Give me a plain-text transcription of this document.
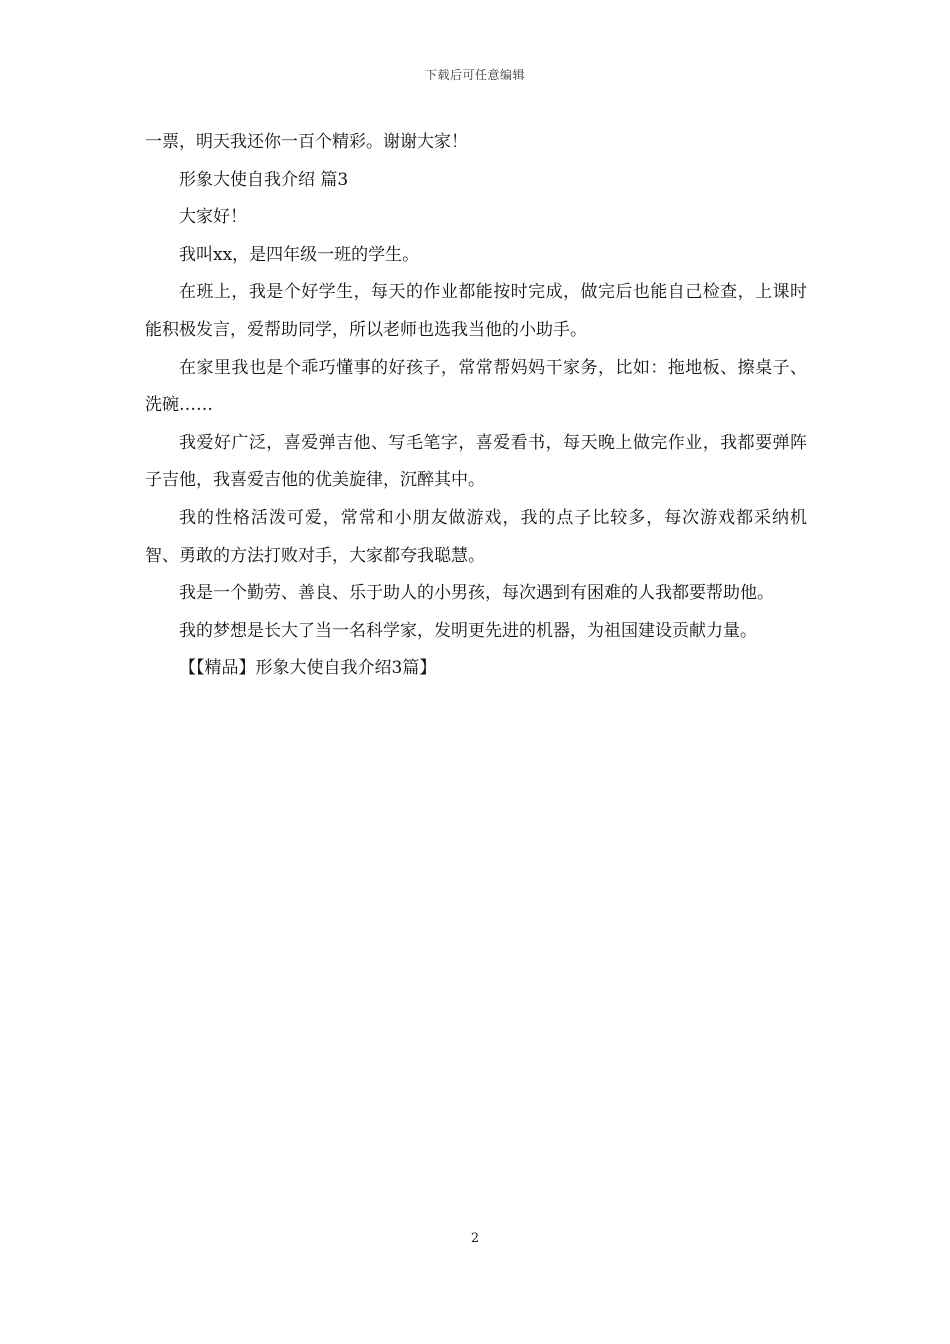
下载后可任意编辑

一票，明天我还你一百个精彩。谢谢大家！

形象大使自我介绍 篇3

大家好！

我叫xx，是四年级一班的学生。

在班上，我是个好学生，每天的作业都能按时完成，做完后也能自己检查，上课时能积极发言，爱帮助同学，所以老师也选我当他的小助手。

在家里我也是个乖巧懂事的好孩子，常常帮妈妈干家务，比如：拖地板、擦桌子、洗碗……

我爱好广泛，喜爱弹吉他、写毛笔字，喜爱看书，每天晚上做完作业，我都要弹阵子吉他，我喜爱吉他的优美旋律，沉醉其中。

我的性格活泼可爱，常常和小朋友做游戏，我的点子比较多，每次游戏都采纳机智、勇敢的方法打败对手，大家都夸我聪慧。

我是一个勤劳、善良、乐于助人的小男孩，每次遇到有困难的人我都要帮助他。

我的梦想是长大了当一名科学家，发明更先进的机器，为祖国建设贡献力量。

【【精品】形象大使自我介绍3篇】

2
